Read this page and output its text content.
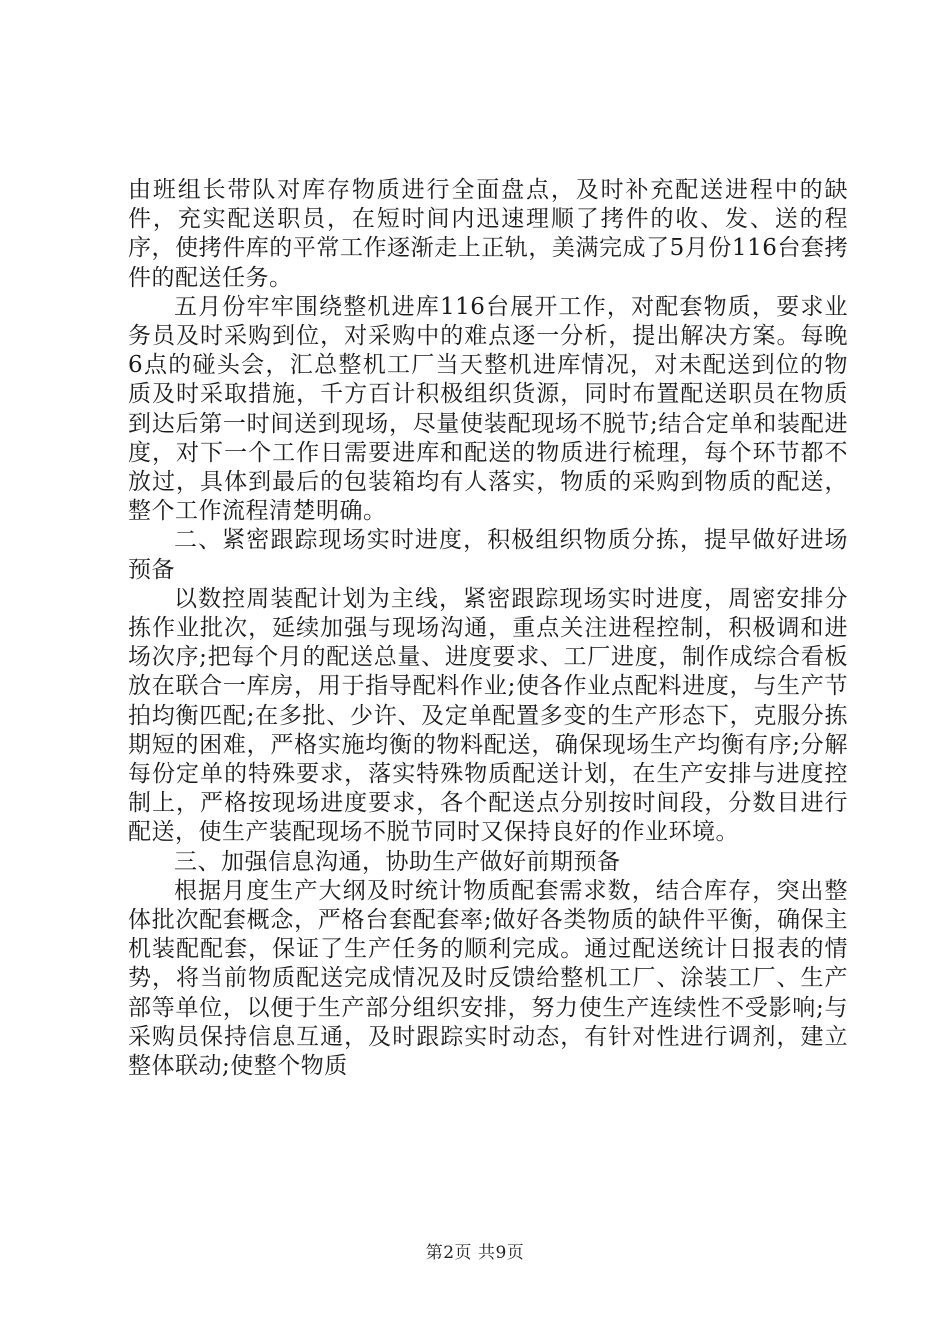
由班组长带队对库存物质进行全面盘点，及时补充配送进程中的缺件，充实配送职员，在短时间内迅速理顺了拷件的收、发、送的程序，使拷件库的平常工作逐渐走上正轨，美满完成了5月份116台套拷件的配送任务。

五月份牢牢围绕整机进库116台展开工作，对配套物质，要求业务员及时采购到位，对采购中的难点逐一分析，提出解决方案。每晚6点的碰头会，汇总整机工厂当天整机进库情况，对未配送到位的物质及时采取措施，千方百计积极组织货源，同时布置配送职员在物质到达后第一时间送到现场，尽量使装配现场不脱节;结合定单和装配进度，对下一个工作日需要进库和配送的物质进行梳理，每个环节都不放过，具体到最后的包装箱均有人落实，物质的采购到物质的配送，整个工作流程清楚明确。

二、紧密跟踪现场实时进度，积极组织物质分拣，提早做好进场预备

以数控周装配计划为主线，紧密跟踪现场实时进度，周密安排分拣作业批次，延续加强与现场沟通，重点关注进程控制，积极调和进场次序;把每个月的配送总量、进度要求、工厂进度，制作成综合看板放在联合一库房，用于指导配料作业;使各作业点配料进度，与生产节拍均衡匹配;在多批、少许、及定单配置多变的生产形态下，克服分拣期短的困难，严格实施均衡的物料配送，确保现场生产均衡有序;分解每份定单的特殊要求，落实特殊物质配送计划，在生产安排与进度控制上，严格按现场进度要求，各个配送点分别按时间段，分数目进行配送，使生产装配现场不脱节同时又保持良好的作业环境。

三、加强信息沟通，协助生产做好前期预备

根据月度生产大纲及时统计物质配套需求数，结合库存，突出整体批次配套概念，严格台套配套率;做好各类物质的缺件平衡，确保主机装配配套，保证了生产任务的顺利完成。通过配送统计日报表的情势，将当前物质配送完成情况及时反馈给整机工厂、涂装工厂、生产部等单位，以便于生产部分组织安排，努力使生产连续性不受影响;与采购员保持信息互通，及时跟踪实时动态，有针对性进行调剂，建立整体联动;使整个物质

第2页 共9页
